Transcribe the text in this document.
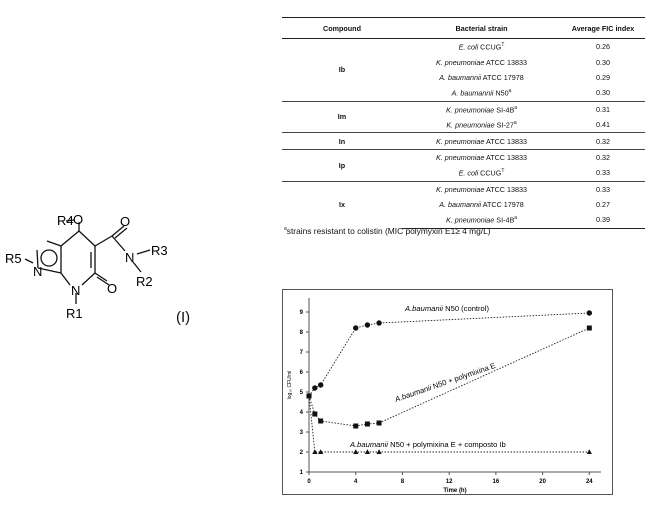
R4 O
R5
N
O
N R3
R2
N O
R1	(I)
Compound	Bacterial strain	Average FIC index
Ib	E. coli $CCUG^T$	0.26
	K. pneumoniae ATCC 13833	0.30
	A. baumannii ATCC 17978	0.29
	A. baumannii N50$^a$	0.30
Im	K. pneumoniae $SI-4B^a$	0.31
	K. pneumoniae SI-27$^a$	0.41
In	K. pneumoniae ATCC 13833	0.32
Ip	K. pneumoniae ATCC 13833	0.32
	E. coli $CCUG^T$	0.33
Ix	K. pneumoniae ATCC 13833	0.33
	A. baumannii ATCC 17978	0.27
	K. pneumoniae $SI-4B^a$	0.39
$^a$strains resistant to colistin (MIC polymyxin E1≥ 4 mg/L)
0	4	8	12	16	20	24
1
2
3
4
5
6
7
8
9
Time (h)
log₁₀ CFU/ml
A.baumanii N50 (control)
A.baumanii N50 + polymixina E
A.baumanii N50 + polymixina E + composto Ib
